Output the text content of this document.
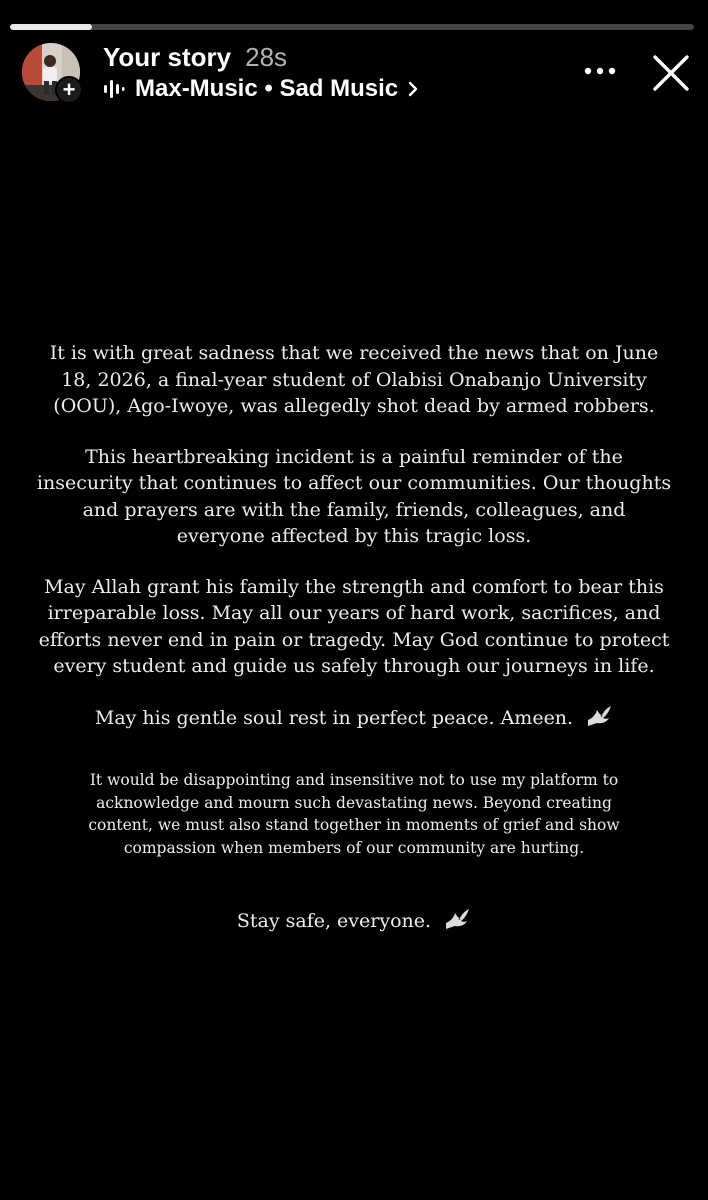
+
Your story 28s
Max-Music • Sad Music

It is with great sadness that we received the news that on June 18, 2026, a final-year student of Olabisi Onabanjo University (OOU), Ago-Iwoye, was allegedly shot dead by armed robbers.

This heartbreaking incident is a painful reminder of the insecurity that continues to affect our communities. Our thoughts and prayers are with the family, friends, colleagues, and everyone affected by this tragic loss.

May Allah grant his family the strength and comfort to bear this irreparable loss. May all our years of hard work, sacrifices, and efforts never end in pain or tragedy. May God continue to protect every student and guide us safely through our journeys in life.

May his gentle soul rest in perfect peace. Ameen.

It would be disappointing and insensitive not to use my platform to acknowledge and mourn such devastating news. Beyond creating content, we must also stand together in moments of grief and show compassion when members of our community are hurting.

Stay safe, everyone.
